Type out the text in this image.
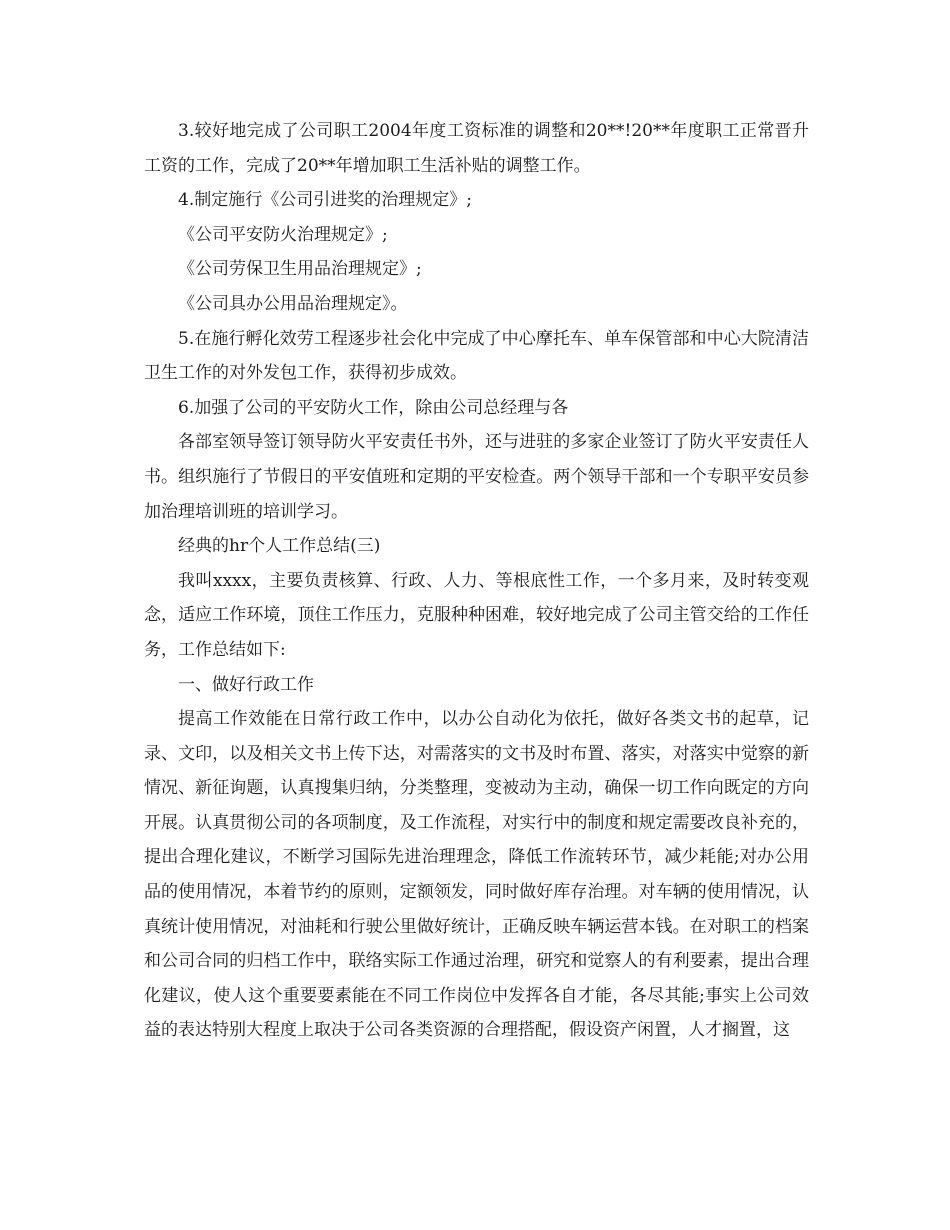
3.较好地完成了公司职工2004年度工资标准的调整和20**!20**年度职工正常晋升工资的工作，完成了20**年增加职工生活补贴的调整工作。

4.制定施行《公司引进奖的治理规定》;

《公司平安防火治理规定》;

《公司劳保卫生用品治理规定》;

《公司具办公用品治理规定》。

5.在施行孵化效劳工程逐步社会化中完成了中心摩托车、单车保管部和中心大院清洁卫生工作的对外发包工作，获得初步成效。

6.加强了公司的平安防火工作，除由公司总经理与各

各部室领导签订领导防火平安责任书外，还与进驻的多家企业签订了防火平安责任人书。组织施行了节假日的平安值班和定期的平安检查。两个领导干部和一个专职平安员参加治理培训班的培训学习。

经典的hr个人工作总结(三)

我叫xxxx，主要负责核算、行政、人力、等根底性工作，一个多月来，及时转变观念，适应工作环境，顶住工作压力，克服种种困难，较好地完成了公司主管交给的工作任务，工作总结如下:

一、做好行政工作

提高工作效能在日常行政工作中，以办公自动化为依托，做好各类文书的起草，记录、文印，以及相关文书上传下达，对需落实的文书及时布置、落实，对落实中觉察的新情况、新征询题，认真搜集归纳，分类整理，变被动为主动，确保一切工作向既定的方向开展。认真贯彻公司的各项制度，及工作流程，对实行中的制度和规定需要改良补充的，提出合理化建议，不断学习国际先进治理理念，降低工作流转环节，减少耗能;对办公用品的使用情况，本着节约的原则，定额领发，同时做好库存治理。对车辆的使用情况，认真统计使用情况，对油耗和行驶公里做好统计，正确反映车辆运营本钱。在对职工的档案和公司合同的归档工作中，联络实际工作通过治理，研究和觉察人的有利要素，提出合理化建议，使人这个重要要素能在不同工作岗位中发挥各自才能，各尽其能;事实上公司效益的表达特别大程度上取决于公司各类资源的合理搭配，假设资产闲置，人才搁置，这
